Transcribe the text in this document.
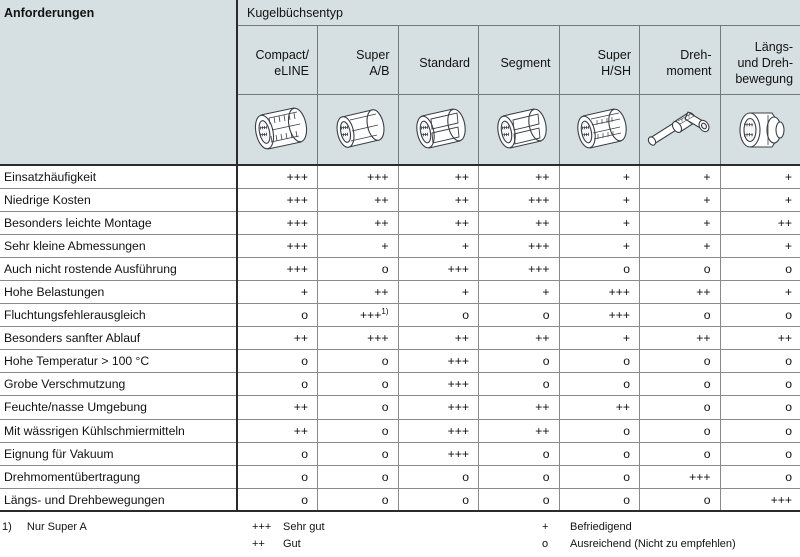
Anforderungen	Kugelbüchsentyp						
	Compact/
eLINE	Super
A/B	Standard	Segment	Super
H/SH	Dreh-
moment	Längs-
und Dreh-
bewegung

Einsatzhäufigkeit	+++	+++	++	++	+	+	+
Niedrige Kosten	+++	++	++	+++	+	+	+
Besonders leichte Montage	+++	++	++	++	+	+	++
Sehr kleine Abmessungen	+++	+	+	+++	+	+	+
Auch nicht rostende Ausführung	+++	o	+++	+++	o	o	o
Hohe Belastungen	+	++	+	+	+++	++	+
Fluchtungsfehlerausgleich	o	+++$^{1)}$	o	o	+++	o	o
Besonders sanfter Ablauf	++	+++	++	++	+	++	++
Hohe Temperatur > 100 °C	o	o	+++	o	o	o	o
Grobe Verschmutzung	o	o	+++	o	o	o	o
Feuchte/nasse Umgebung	++	o	+++	++	++	o	o
Mit wässrigen Kühlschmiermitteln	++	o	+++	++	o	o	o
Eignung für Vakuum	o	o	+++	o	o	o	o
Drehmomentübertragung	o	o	o	o	o	+++	o
Längs- und Drehbewegungen	o	o	o	o	o	o	+++
1) Nur Super A	+++ Sehr gut
++ Gut
+ Befriedigend
o Ausreichend (Nicht zu empfehlen)
